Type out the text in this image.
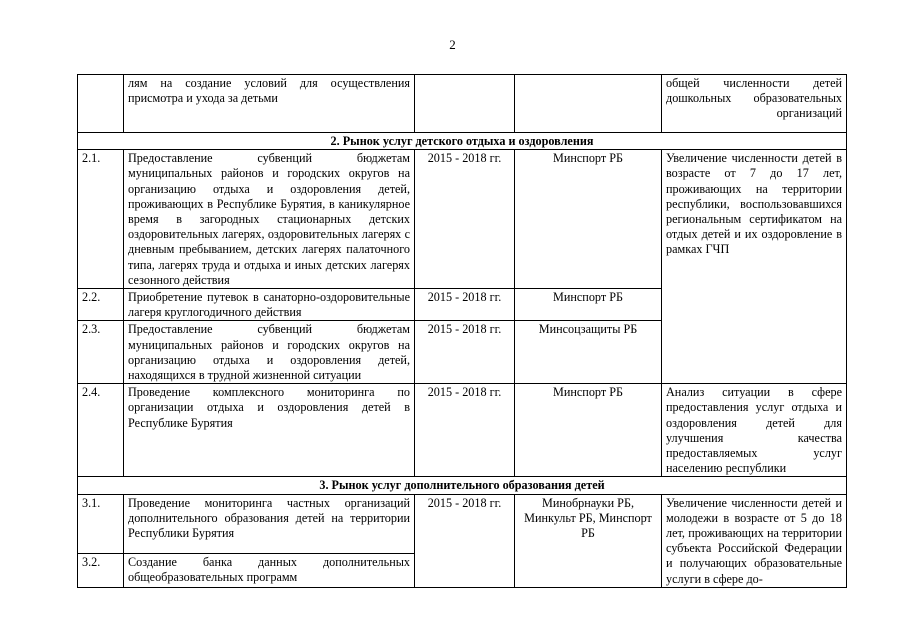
2

	лям на создание условий для осуществления присмотра и ухода за детьми			общей численности детей дошкольных образовательных организаций
2. Рынок услуг детского отдыха и оздоровления				
2.1.	Предоставление субвенций бюджетам муниципальных районов и городских округов на организацию отдыха и оздоровления детей, проживающих в Республике Бурятия, в каникулярное время в загородных стационарных детских оздоровительных лагерях, оздоровительных лагерях с дневным пребыванием, детских лагерях палаточного типа, лагерях труда и отдыха и иных детских лагерях сезонного действия	2015 - 2018 гг.	Минспорт РБ	Увеличение численности детей в возрасте от 7 до 17 лет, проживающих на территории республики, воспользовавшихся региональным сертификатом на отдых детей и их оздоровление в рамках ГЧП
2.2.	Приобретение путевок в санаторно-оздоровительные лагеря круглогодичного действия	2015 - 2018 гг.	Минспорт РБ	
2.3.	Предоставление субвенций бюджетам муниципальных районов и городских округов на организацию отдыха и оздоровления детей, находящихся в трудной жизненной ситуации	2015 - 2018 гг.	Минсоцзащиты РБ	
2.4.	Проведение комплексного мониторинга по организации отдыха и оздоровления детей в Республике Бурятия	2015 - 2018 гг.	Минспорт РБ	Анализ ситуации в сфере предоставления услуг отдыха и оздоровления детей для улучшения качества предоставляемых услуг населению республики
3. Рынок услуг дополнительного образования детей				
3.1.	Проведение мониторинга частных организаций дополнительного образования детей на территории Республики Бурятия	2015 - 2018 гг.	Минобрнауки РБ, Минкульт РБ, Минспорт РБ	Увеличение численности детей и молодежи в возрасте от 5 до 18 лет, проживающих на территории субъекта Российской Федерации и получающих образовательные услуги в сфере до-
3.2.	Создание банка данных дополнительных общеобразовательных программ			
